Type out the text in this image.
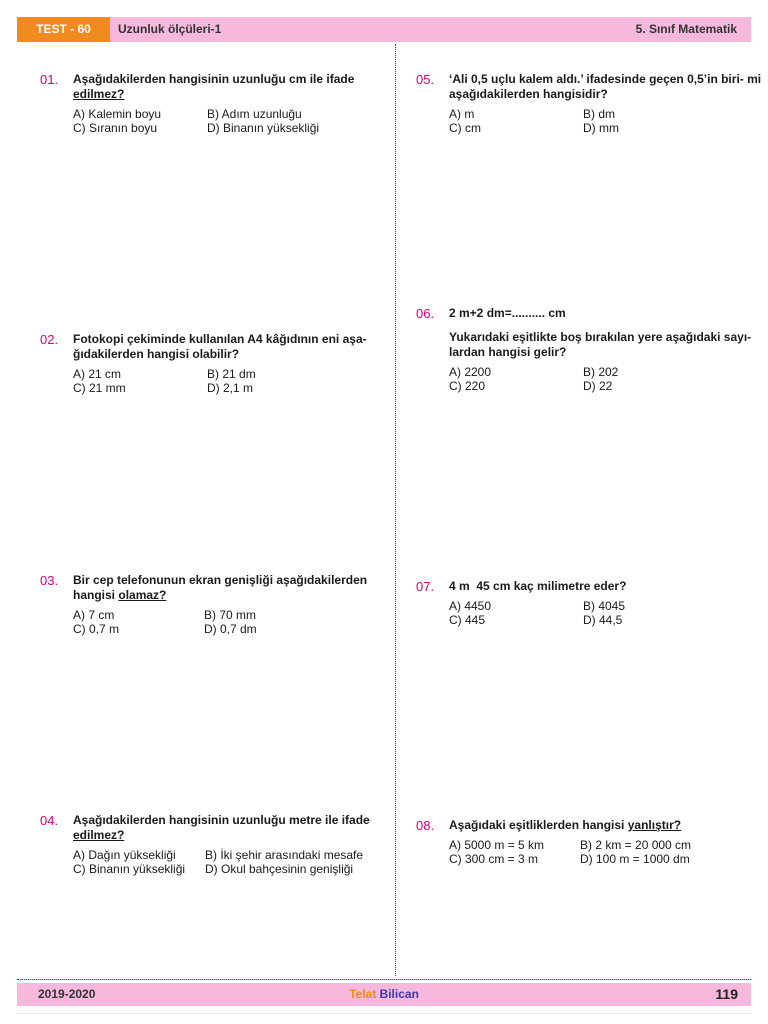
TEST - 60	Uzunluk ölçüleri-1	5. Sınıf Matematik
01. Aşağıdakilerden hangisinin uzunluğu cm ile ifade edilmez?

A) Kalemin boyu	B) Adım uzunluğu
C) Sıranın boyu	D) Binanın yüksekliği
02. Fotokopi çekiminde kullanılan A4 kâğıdının eni aşa- ğıdakilerden hangisi olabilir?

A) 21 cm	B) 21 dm
C) 21 mm	D) 2,1 m
03. Bir cep telefonunun ekran genişliği aşağıdakilerden hangisi olamaz?

A) 7 cm	B) 70 mm
C) 0,7 m	D) 0,7 dm
04. Aşağıdakilerden hangisinin uzunluğu metre ile ifade edilmez?

A) Dağın yüksekliği	B) İki şehir arasındaki mesafe
C) Binanın yüksekliği	D) Okul bahçesinin genişliği
05. ‘Ali 0,5 uçlu kalem aldı.’ ifadesinde geçen 0,5’in biri- mi aşağıdakilerden hangisidir?

A) m	B) dm
C) cm	D) mm
06. 2 m+2 dm=.......... cm

Yukarıdaki eşitlikte boş bırakılan yere aşağıdaki sayı- lardan hangisi gelir?

A) 2200	B) 202
C) 220	D) 22
07. 4 m  45 cm kaç milimetre eder?

A) 4450	B) 4045
C) 445	D) 44,5
08. Aşağıdaki eşitliklerden hangisi yanlıştır?

A) 5000 m = 5 km	B) 2 km = 20 000 cm
C) 300 cm = 3 m	D) 100 m = 1000 dm
2019-2020	Telat Bilican	119
